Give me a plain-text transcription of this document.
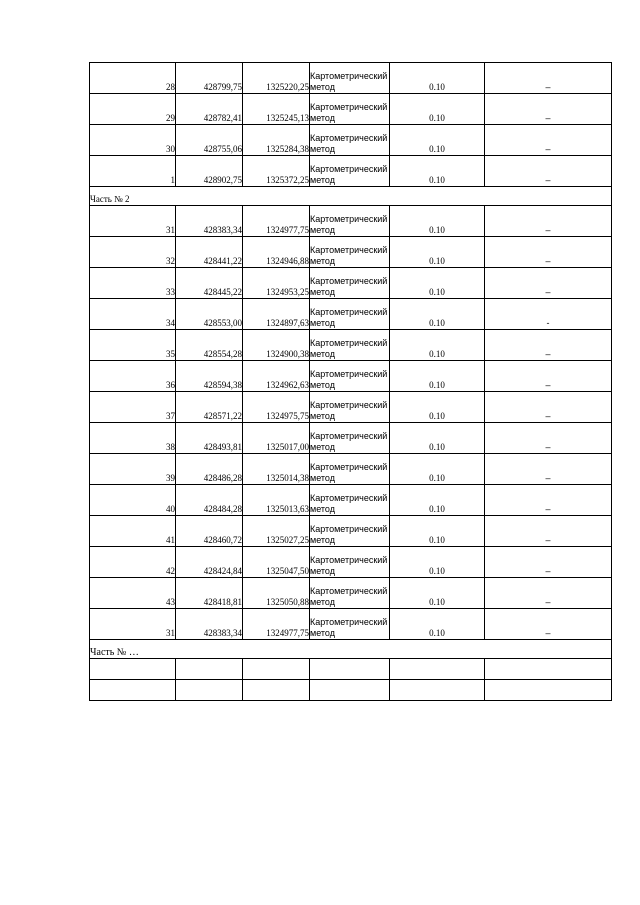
28	428799,75	1325220,25	Картометрический метод	0.10	–
29	428782,41	1325245,13	Картометрический метод	0.10	–
30	428755,06	1325284,38	Картометрический метод	0.10	–
1	428902,75	1325372,25	Картометрический метод	0.10	–
Часть № 2					
31	428383,34	1324977,75	Картометрический метод	0.10	–
32	428441,22	1324946,88	Картометрический метод	0.10	–
33	428445,22	1324953,25	Картометрический метод	0.10	–
34	428553,00	1324897,63	Картометрический метод	0.10	-
35	428554,28	1324900,38	Картометрический метод	0.10	–
36	428594,38	1324962,63	Картометрический метод	0.10	–
37	428571,22	1324975,75	Картометрический метод	0.10	–
38	428493,81	1325017,00	Картометрический метод	0.10	–
39	428486,28	1325014,38	Картометрический метод	0.10	–
40	428484,28	1325013,63	Картометрический метод	0.10	–
41	428460,72	1325027,25	Картометрический метод	0.10	–
42	428424,84	1325047,50	Картометрический метод	0.10	–
43	428418,81	1325050,88	Картометрический метод	0.10	–
31	428383,34	1324977,75	Картометрический метод	0.10	–
Часть № …					
